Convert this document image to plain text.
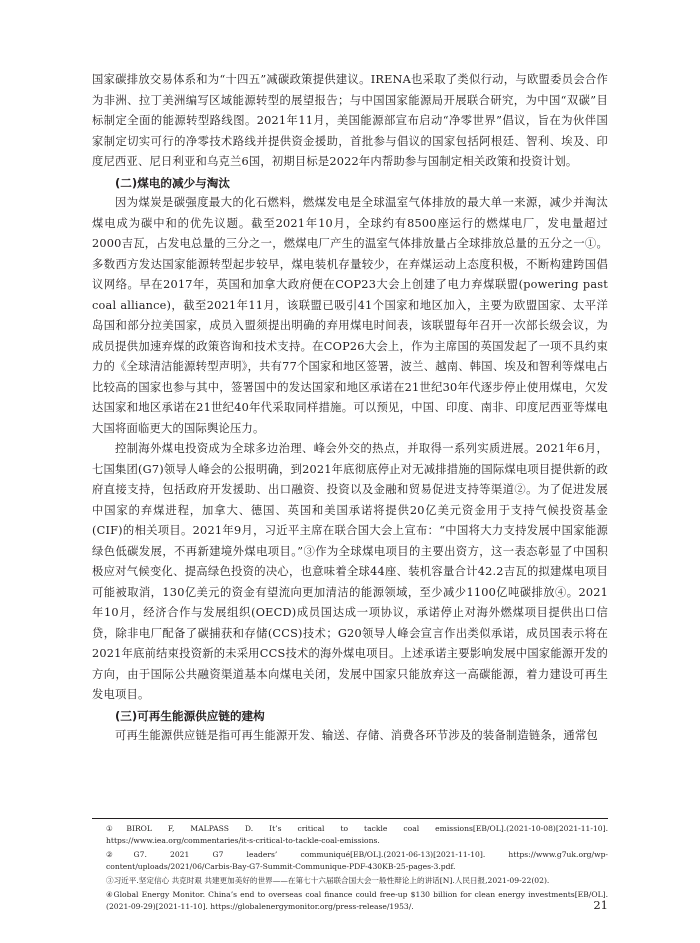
国家碳排放交易体系和为“十四五”减碳政策提供建议。IRENA也采取了类似行动，与欧盟委员会合作为非洲、拉丁美洲编写区域能源转型的展望报告；与中国国家能源局开展联合研究，为中国“双碳”目标制定全面的能源转型路线图。2021年11月，美国能源部宣布启动“净零世界”倡议，旨在为伙伴国家制定切实可行的净零技术路线并提供资金援助，首批参与倡议的国家包括阿根廷、智利、埃及、印度尼西亚、尼日利亚和乌克兰6国，初期目标是2022年内帮助参与国制定相关政策和投资计划。

(二)煤电的减少与淘汰

因为煤炭是碳强度最大的化石燃料，燃煤发电是全球温室气体排放的最大单一来源，减少并淘汰煤电成为碳中和的优先议题。截至2021年10月，全球约有8500座运行的燃煤电厂，发电量超过2000吉瓦，占发电总量的三分之一，燃煤电厂产生的温室气体排放量占全球排放总量的五分之一①。多数西方发达国家能源转型起步较早，煤电装机存量较少，在弃煤运动上态度积极，不断构建跨国倡议网络。早在2017年，英国和加拿大政府便在COP23大会上创建了电力弃煤联盟(powering past coal alliance)，截至2021年11月，该联盟已吸引41个国家和地区加入，主要为欧盟国家、太平洋岛国和部分拉美国家，成员入盟须提出明确的弃用煤电时间表，该联盟每年召开一次部长级会议，为成员提供加速弃煤的政策咨询和技术支持。在COP26大会上，作为主席国的英国发起了一项不具约束力的《全球清洁能源转型声明》，共有77个国家和地区签署，波兰、越南、韩国、埃及和智利等煤电占比较高的国家也参与其中，签署国中的发达国家和地区承诺在21世纪30年代逐步停止使用煤电，欠发达国家和地区承诺在21世纪40年代采取同样措施。可以预见，中国、印度、南非、印度尼西亚等煤电大国将面临更大的国际舆论压力。

控制海外煤电投资成为全球多边治理、峰会外交的热点，并取得一系列实质进展。2021年6月，七国集团(G7)领导人峰会的公报明确，到2021年底彻底停止对无减排措施的国际煤电项目提供新的政府直接支持，包括政府开发援助、出口融资、投资以及金融和贸易促进支持等渠道②。为了促进发展中国家的弃煤进程，加拿大、德国、英国和美国承诺将提供20亿美元资金用于支持气候投资基金(CIF)的相关项目。2021年9月，习近平主席在联合国大会上宣布：“中国将大力支持发展中国家能源绿色低碳发展，不再新建境外煤电项目。”③作为全球煤电项目的主要出资方，这一表态彰显了中国积极应对气候变化、提高绿色投资的决心，也意味着全球44座、装机容量合计42.2吉瓦的拟建煤电项目可能被取消，130亿美元的资金有望流向更加清洁的能源领域，至少减少1100亿吨碳排放④。2021年10月，经济合作与发展组织(OECD)成员国达成一项协议，承诺停止对海外燃煤项目提供出口信贷，除非电厂配备了碳捕获和存储(CCS)技术；G20领导人峰会宣言作出类似承诺，成员国表示将在2021年底前结束投资新的未采用CCS技术的海外煤电项目。上述承诺主要影响发展中国家能源开发的方向，由于国际公共融资渠道基本向煤电关闭，发展中国家只能放弃这一高碳能源，着力建设可再生发电项目。

(三)可再生能源供应链的建构

可再生能源供应链是指可再生能源开发、输送、存储、消费各环节涉及的装备制造链条，通常包

①BIROL F, MALPASS D. It’s critical to tackle coal emissions[EB/OL].(2021-10-08)[2021-11-10]. https://www.iea.org/commentaries/it-s-critical-to-tackle-coal-emissions.
②G7. 2021 G7 leaders’ communiqué[EB/OL].(2021-06-13)[2021-11-10]. https://www.g7uk.org/wp-content/uploads/2021/06/Carbis-Bay-G7-Summit-Communique-PDF-430KB-25-pages-3.pdf.
③习近平.坚定信心 共克时艰 共建更加美好的世界——在第七十六届联合国大会一般性辩论上的讲话[N].人民日报,2021-09-22(02).
④Global Energy Monitor. China’s end to overseas coal finance could free-up $130 billion for clean energy investments[EB/OL].(2021-09-29)[2021-11-10]. https://globalenergymonitor.org/press-release/1953/.	21
